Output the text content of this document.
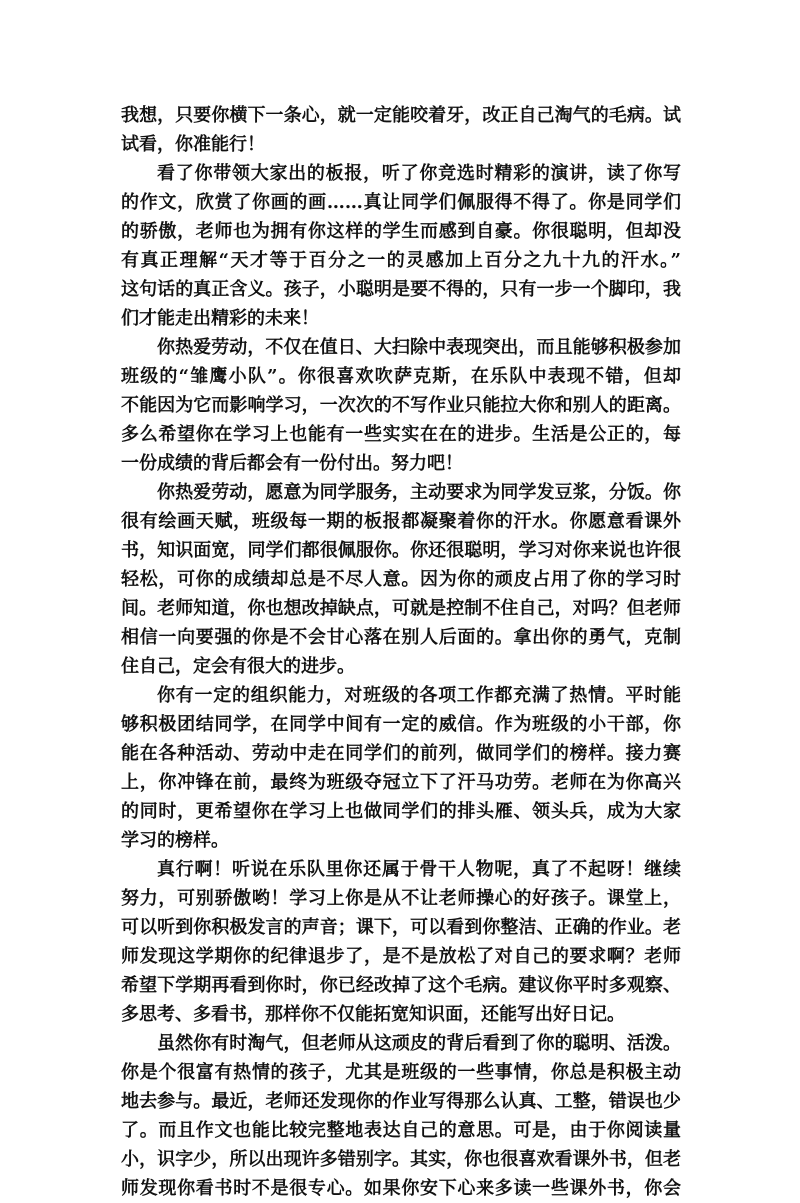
我想，只要你横下一条心，就一定能咬着牙，改正自己淘气的毛病。试
试看，你准能行！
看了你带领大家出的板报，听了你竞选时精彩的演讲，读了你写
的作文，欣赏了你画的画……真让同学们佩服得不得了。你是同学们
的骄傲，老师也为拥有你这样的学生而感到自豪。你很聪明，但却没
有真正理解“天才等于百分之一的灵感加上百分之九十九的汗水。”
这句话的真正含义。孩子，小聪明是要不得的，只有一步一个脚印，我
们才能走出精彩的未来！
你热爱劳动，不仅在值日、大扫除中表现突出，而且能够积极参加
班级的“雏鹰小队”。你很喜欢吹萨克斯，在乐队中表现不错，但却
不能因为它而影响学习，一次次的不写作业只能拉大你和别人的距离。
多么希望你在学习上也能有一些实实在在的进步。生活是公正的，每
一份成绩的背后都会有一份付出。努力吧！
你热爱劳动，愿意为同学服务，主动要求为同学发豆浆，分饭。你
很有绘画天赋，班级每一期的板报都凝聚着你的汗水。你愿意看课外
书，知识面宽，同学们都很佩服你。你还很聪明，学习对你来说也许很
轻松，可你的成绩却总是不尽人意。因为你的顽皮占用了你的学习时
间。老师知道，你也想改掉缺点，可就是控制不住自己，对吗？但老师
相信一向要强的你是不会甘心落在别人后面的。拿出你的勇气，克制
住自己，定会有很大的进步。
你有一定的组织能力，对班级的各项工作都充满了热情。平时能
够积极团结同学，在同学中间有一定的威信。作为班级的小干部，你
能在各种活动、劳动中走在同学们的前列，做同学们的榜样。接力赛
上，你冲锋在前，最终为班级夺冠立下了汗马功劳。老师在为你高兴
的同时，更希望你在学习上也做同学们的排头雁、领头兵，成为大家
学习的榜样。
真行啊！听说在乐队里你还属于骨干人物呢，真了不起呀！继续
努力，可别骄傲哟！学习上你是从不让老师操心的好孩子。课堂上，
可以听到你积极发言的声音；课下，可以看到你整洁、正确的作业。老
师发现这学期你的纪律退步了，是不是放松了对自己的要求啊？老师
希望下学期再看到你时，你已经改掉了这个毛病。建议你平时多观察、
多思考、多看书，那样你不仅能拓宽知识面，还能写出好日记。
虽然你有时淘气，但老师从这顽皮的背后看到了你的聪明、活泼。
你是个很富有热情的孩子，尤其是班级的一些事情，你总是积极主动
地去参与。最近，老师还发现你的作业写得那么认真、工整，错误也少
了。而且作文也能比较完整地表达自己的意思。可是，由于你阅读量
小，识字少，所以出现许多错别字。其实，你也很喜欢看课外书，但老
师发现你看书时不是很专心。如果你安下心来多读一些课外书，你会
